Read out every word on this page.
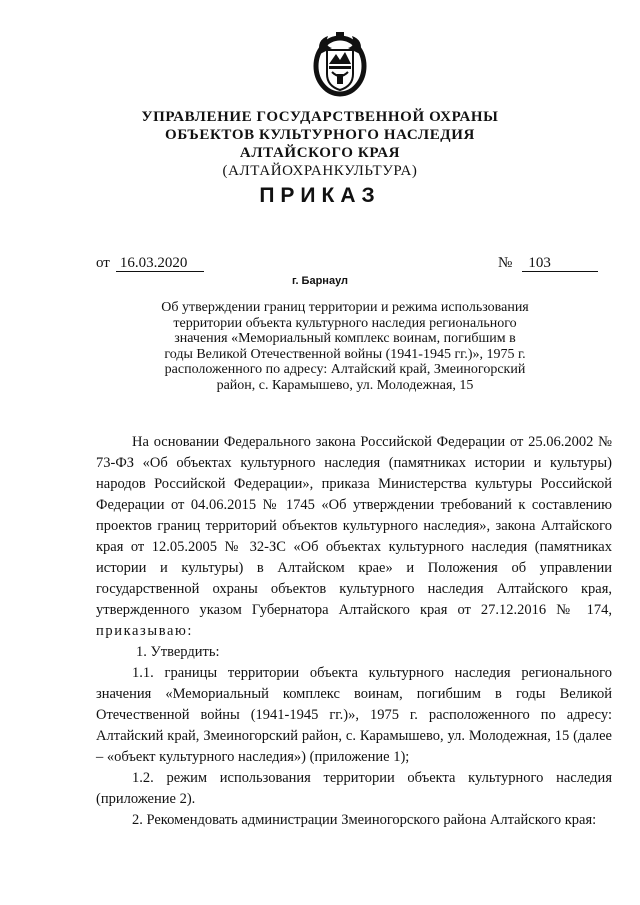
УПРАВЛЕНИЕ ГОСУДАРСТВЕННОЙ ОХРАНЫ
ОБЪЕКТОВ КУЛЬТУРНОГО НАСЛЕДИЯ
АЛТАЙСКОГО КРАЯ
(АЛТАЙОХРАНКУЛЬТУРА)
ПРИКАЗ
от 16.03.2020	№ 103
г. Барнаул
Об утверждении границ территории и режима использования
территории объекта культурного наследия регионального
значения «Мемориальный комплекс воинам, погибшим в
годы Великой Отечественной войны (1941-1945 гг.)», 1975 г.
расположенного по адресу: Алтайский край, Змеиногорский
район, с. Карамышево, ул. Молодежная, 15

На основании Федерального закона Российской Федерации от 25.06.2002 № 73-ФЗ «Об объектах культурного наследия (памятниках истории и культуры) народов Российской Федерации», приказа Министерства культуры Российской Федерации от 04.06.2015 № 1745 «Об утверждении требований к составлению проектов границ территорий объектов культурного наследия», закона Алтайского края от 12.05.2005 № 32-ЗС «Об объектах культурного наследия (памятниках истории и культуры) в Алтайском крае» и Положения об управлении государственной охраны объектов культурного наследия Алтайского края, утвержденного указом Губернатора Алтайского края от 27.12.2016 № 174, приказываю:

1. Утвердить:

1.1. границы территории объекта культурного наследия регионального значения «Мемориальный комплекс воинам, погибшим в годы Великой Отечественной войны (1941-1945 гг.)», 1975 г. расположенного по адресу: Алтайский край, Змеиногорский район, с. Карамышево, ул. Молодежная, 15 (далее – «объект культурного наследия») (приложение 1);

1.2. режим использования территории объекта культурного наследия (приложение 2).

2. Рекомендовать администрации Змеиногорского района Алтайского края:
